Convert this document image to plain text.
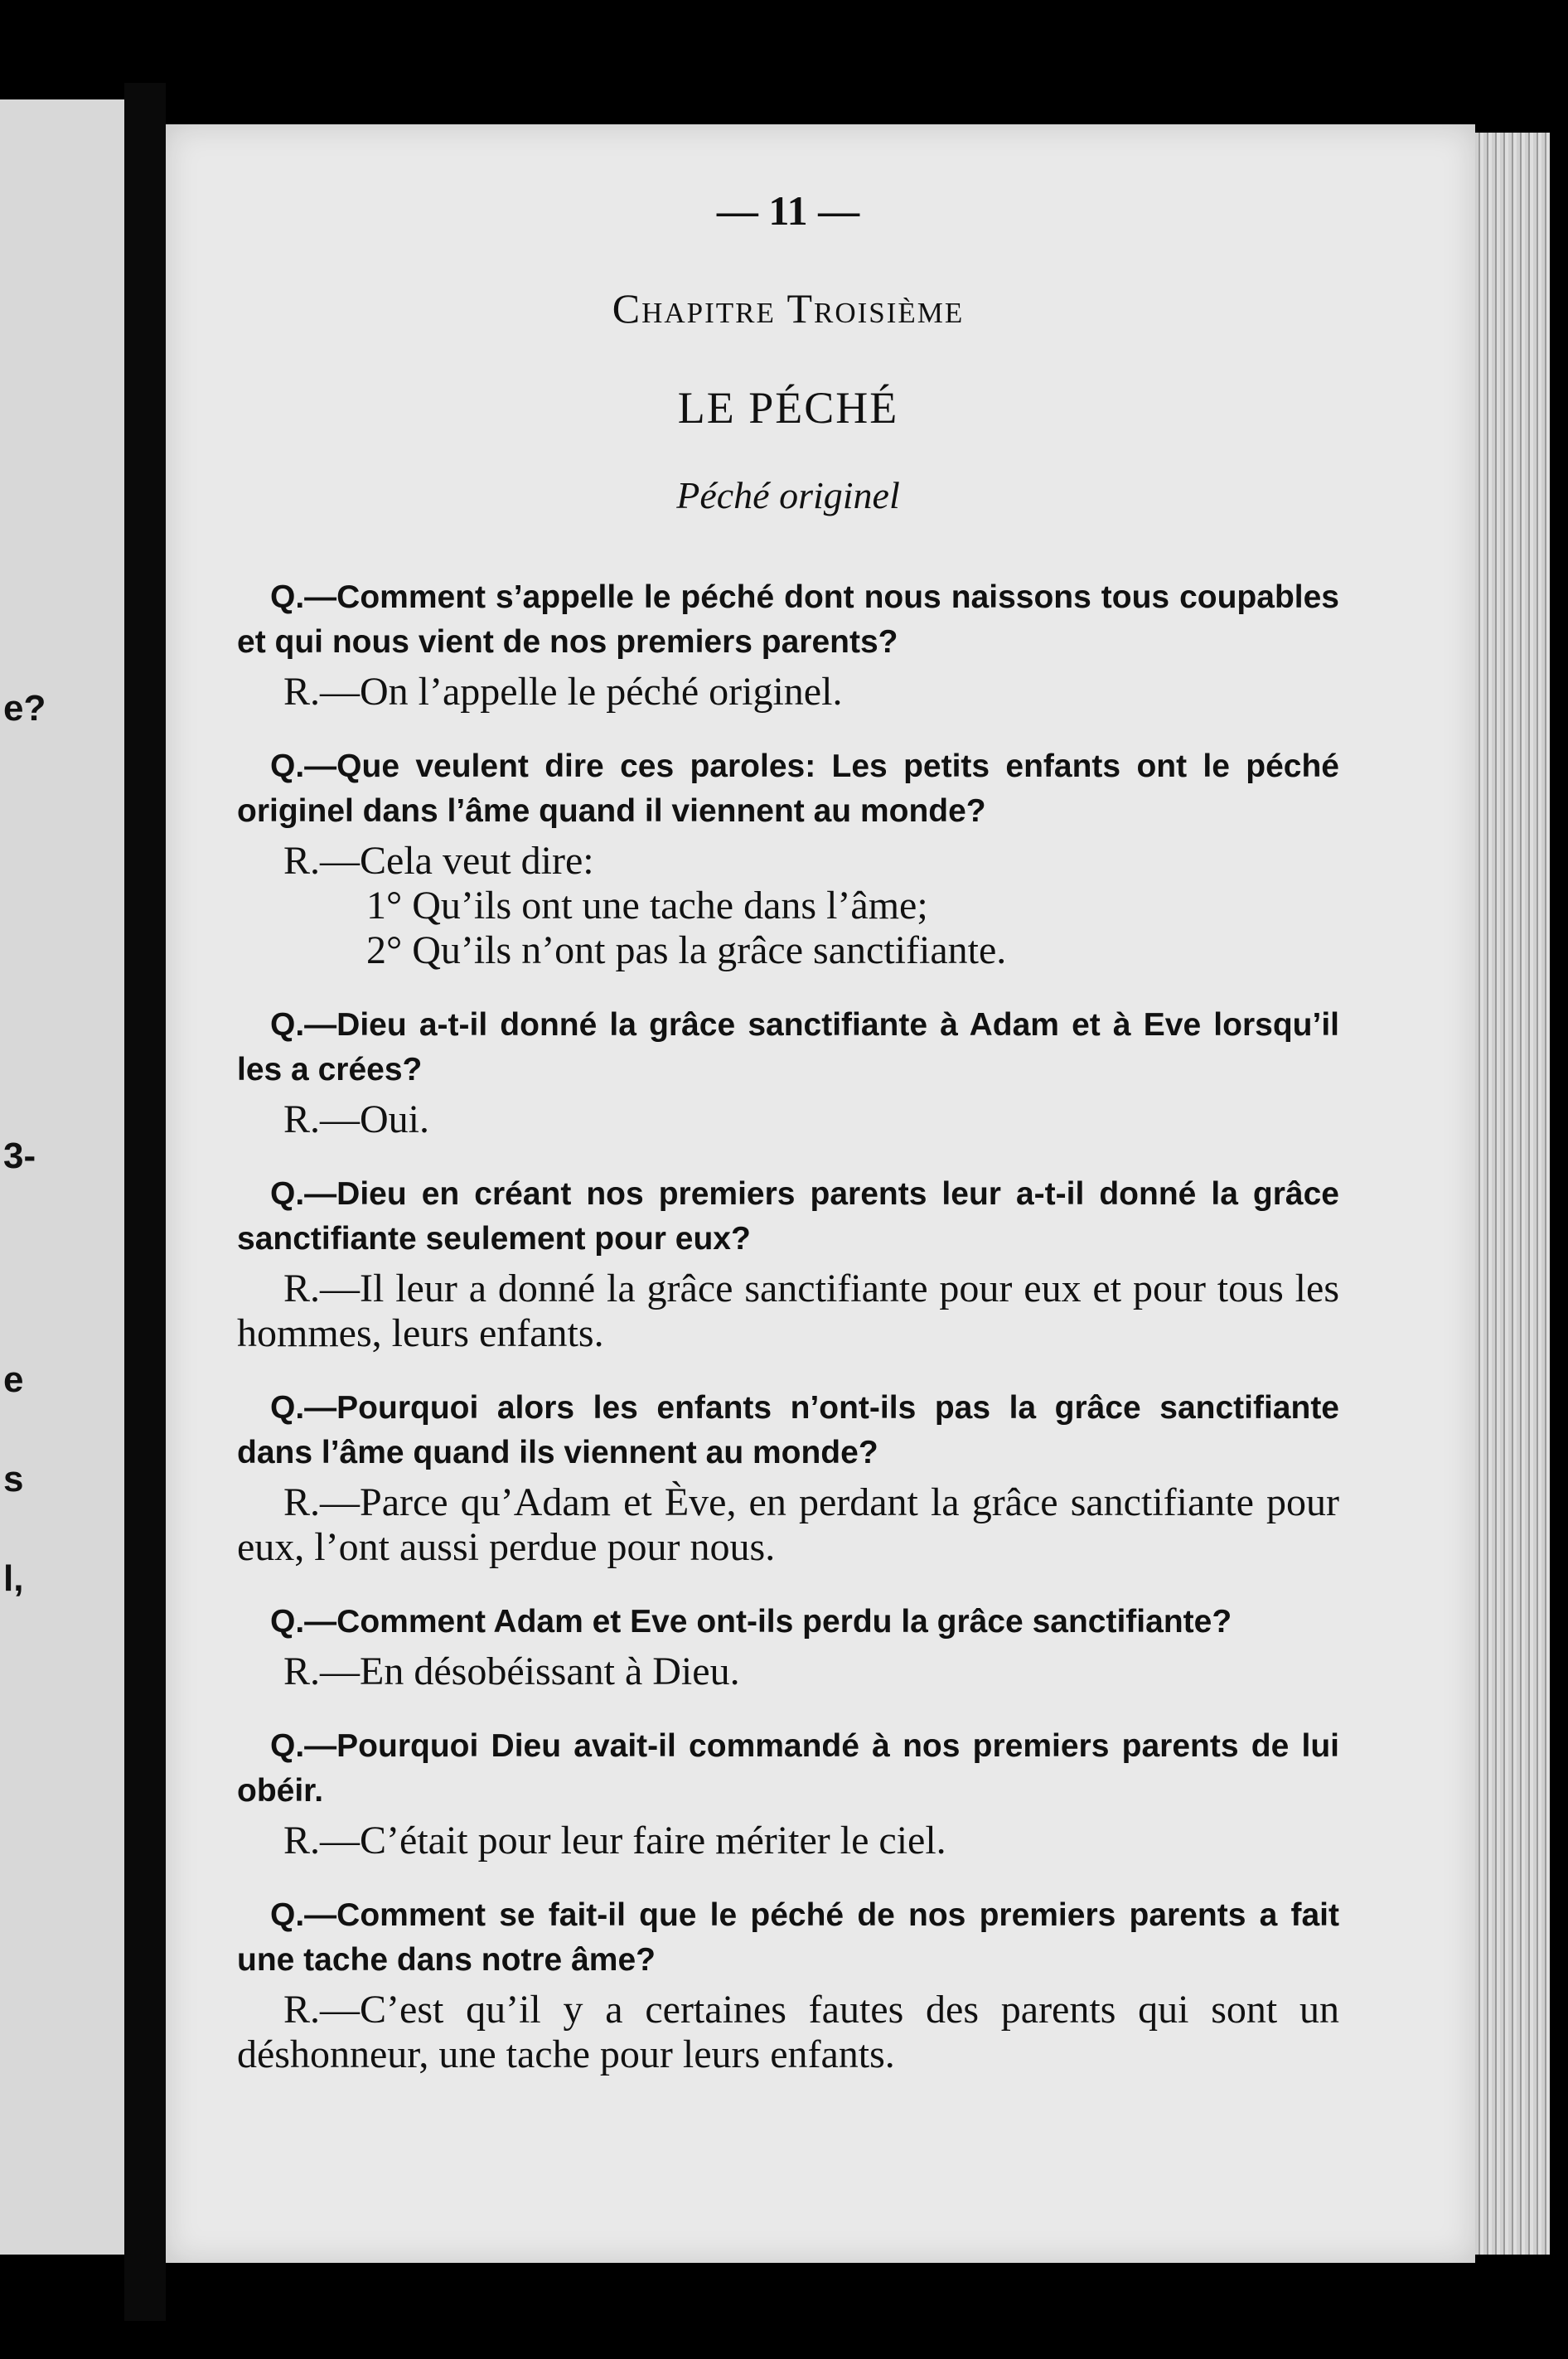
e?
3-
e
s
l,
— 11 —
Chapitre Troisième
LE PÉCHÉ
Péché originel

Q.—Comment s’appelle le péché dont nous naissons tous coupables et qui nous vient de nos premiers parents?

R.—On l’appelle le péché originel.

Q.—Que veulent dire ces paroles: Les petits enfants ont le péché originel dans l’âme quand il viennent au monde?

R.—Cela veut dire:

1° Qu’ils ont une tache dans l’âme;

2° Qu’ils n’ont pas la grâce sanctifiante.

Q.—Dieu a-t-il donné la grâce sanctifiante à Adam et à Eve lorsqu’il les a crées?

R.—Oui.

Q.—Dieu en créant nos premiers parents leur a-t-il donné la grâce sanctifiante seulement pour eux?

R.—Il leur a donné la grâce sanctifiante pour eux et pour tous les hommes, leurs enfants.

Q.—Pourquoi alors les enfants n’ont-ils pas la grâce sanctifiante dans l’âme quand ils viennent au monde?

R.—Parce qu’Adam et Ève, en perdant la grâce sanctifiante pour eux, l’ont aussi perdue pour nous.

Q.—Comment Adam et Eve ont-ils perdu la grâce sanctifiante?

R.—En désobéissant à Dieu.

Q.—Pourquoi Dieu avait-il commandé à nos premiers parents de lui obéir.

R.—C’était pour leur faire mériter le ciel.

Q.—Comment se fait-il que le péché de nos premiers parents a fait une tache dans notre âme?

R.—C’est qu’il y a certaines fautes des parents qui sont un déshonneur, une tache pour leurs enfants.
